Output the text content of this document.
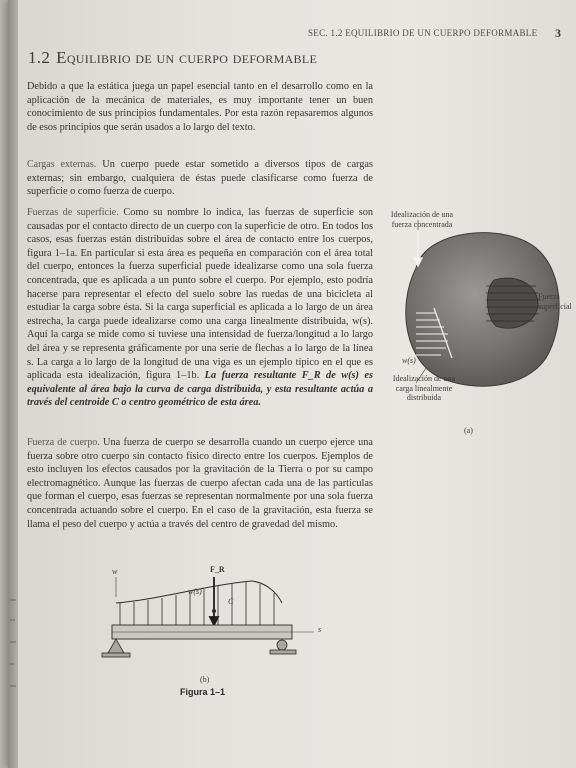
SEC. 1.2 EQUILIBRIO DE UN CUERPO DEFORMABLE 3
1.2 Equilibrio de un cuerpo deformable
Debido a que la estática juega un papel esencial tanto en el desarrollo como en la aplicación de la mecánica de materiales, es muy importante tener un buen conocimiento de sus principios fundamentales. Por esta razón repasaremos algunos de esos principios que serán usados a lo largo del texto.
Cargas externas. Un cuerpo puede estar sometido a diversos tipos de cargas externas; sin embargo, cualquiera de éstas puede clasificarse como fuerza de superficie o como fuerza de cuerpo.
Fuerzas de superficie. Como su nombre lo indica, las fuerzas de superficie son causadas por el contacto directo de un cuerpo con la superficie de otro. En todos los casos, esas fuerzas están distribuidas sobre el área de contacto entre los cuerpos, figura 1–1a. En particular si esta área es pequeña en comparación con el área total del cuerpo, entonces la fuerza superficial puede idealizarse como una sola fuerza concentrada, que es aplicada a un punto sobre el cuerpo. Por ejemplo, esto podría hacerse para representar el efecto del suelo sobre las ruedas de una bicicleta al estudiar la carga sobre ésta. Si la carga superficial es aplicada a lo largo de un área estrecha, la carga puede idealizarse como una carga linealmente distribuida, w(s). Aquí la carga se mide como si tuviese una intensidad de fuerza/longitud a lo largo del área y se representa gráficamente por una serie de flechas a lo largo de la línea s. La carga a lo largo de la longitud de una viga es un ejemplo típico en el que es aplicada esta idealización, figura 1–1b. La fuerza resultante F_R de w(s) es equivalente al área bajo la curva de carga distribuida, y esta resultante actúa a través del centroide C o centro geométrico de esta área.
Fuerza de cuerpo. Una fuerza de cuerpo se desarrolla cuando un cuerpo ejerce una fuerza sobre otro cuerpo sin contacto físico directo entre los cuerpos. Ejemplos de esto incluyen los efectos causados por la gravitación de la Tierra o por su campo electromagnético. Aunque las fuerzas de cuerpo afectan cada una de las partículas que forman el cuerpo, esas fuerzas se representan normalmente por una sola fuerza concentrada actuando sobre el cuerpo. En el caso de la gravitación, esta fuerza se llama el peso del cuerpo y actúa a través del centro de gravedad del mismo.
Idealización de una fuerza concentrada
Fuerza superficial
w(s)
Idealización de una carga linealmente distribuida
(a)
w	F_R
w(s)
C
s
(b)
Figura 1–1
